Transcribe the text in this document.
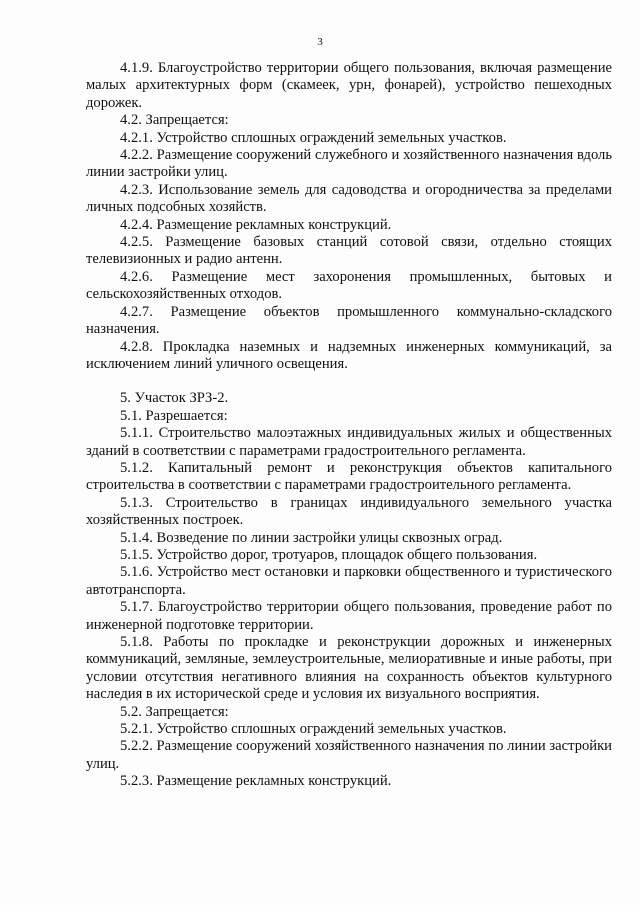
3

4.1.9. Благоустройство территории общего пользования, включая размещение малых архитектурных форм (скамеек, урн, фонарей), устройство пешеходных дорожек.

4.2. Запрещается:

4.2.1. Устройство сплошных ограждений земельных участков.

4.2.2. Размещение сооружений служебного и хозяйственного назначения вдоль линии застройки улиц.

4.2.3. Использование земель для садоводства и огородничества за пределами личных подсобных хозяйств.

4.2.4. Размещение рекламных конструкций.

4.2.5. Размещение базовых станций сотовой связи, отдельно стоящих телевизионных и радио антенн.

4.2.6. Размещение мест захоронения промышленных, бытовых и сельскохозяйственных отходов.

4.2.7. Размещение объектов промышленного коммунально-складского назначения.

4.2.8. Прокладка наземных и надземных инженерных коммуникаций, за исключением линий уличного освещения.

5. Участок ЗРЗ-2.

5.1. Разрешается:

5.1.1. Строительство малоэтажных индивидуальных жилых и общественных зданий в соответствии с параметрами градостроительного регламента.

5.1.2. Капитальный ремонт и реконструкция объектов капитального строительства в соответствии с параметрами градостроительного регламента.

5.1.3. Строительство в границах индивидуального земельного участка хозяйственных построек.

5.1.4. Возведение по линии застройки улицы сквозных оград.

5.1.5. Устройство дорог, тротуаров, площадок общего пользования.

5.1.6. Устройство мест остановки и парковки общественного и туристического автотранспорта.

5.1.7. Благоустройство территории общего пользования, проведение работ по инженерной подготовке территории.

5.1.8. Работы по прокладке и реконструкции дорожных и инженерных коммуникаций, земляные, землеустроительные, мелиоративные и иные работы, при условии отсутствия негативного влияния на сохранность объектов культурного наследия в их исторической среде и условия их визуального восприятия.

5.2. Запрещается:

5.2.1. Устройство сплошных ограждений земельных участков.

5.2.2. Размещение сооружений хозяйственного назначения по линии застройки улиц.

5.2.3. Размещение рекламных конструкций.
